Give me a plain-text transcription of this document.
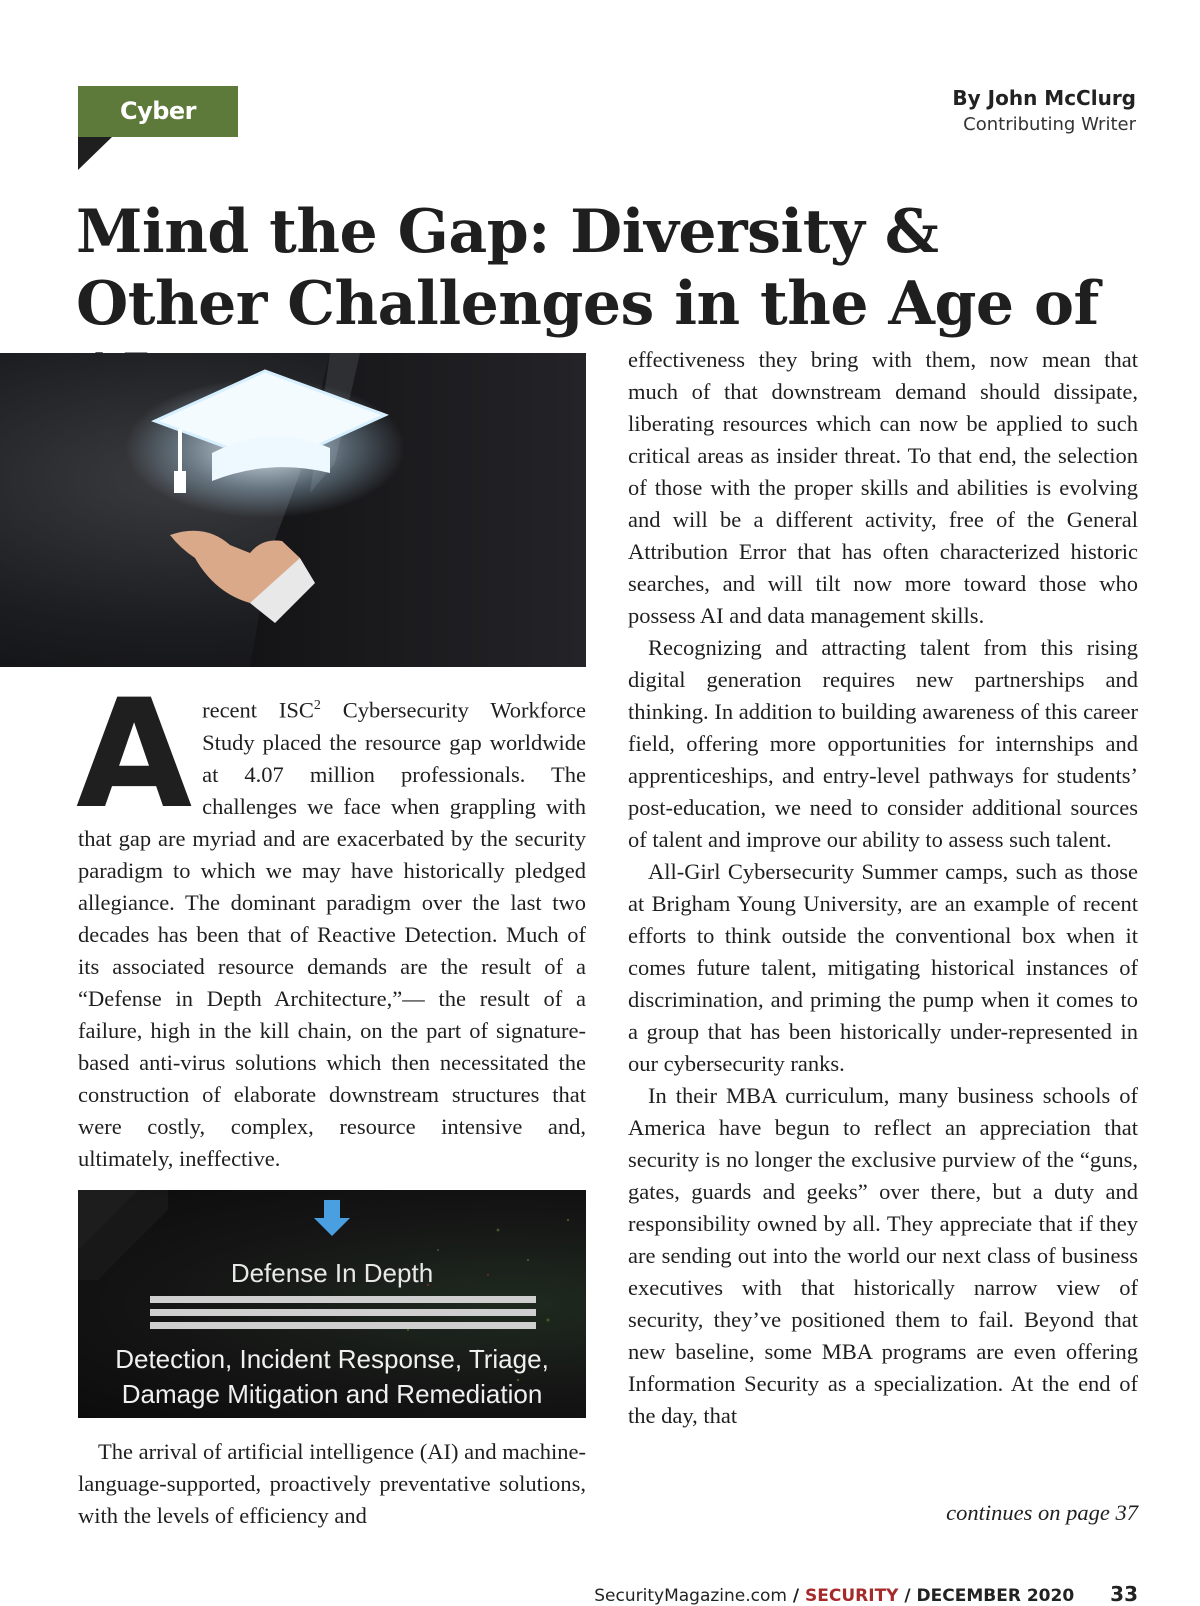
Cyber Tactics
By John McClurg
Contributing Writer
Mind the Gap: Diversity & Other Challenges in the Age of

Arecent ISC$^2$ Cybersecurity Workforce Study placed the resource gap worldwide at 4.07 million professionals. The challenges we face when grappling with that gap are myriad and are exacerbated by the security paradigm to which we may have historically pledged allegiance. The dominant paradigm over the last two decades has been that of Reactive Detection. Much of its associated resource demands are the result of a “Defense in Depth Architecture,”— the result of a failure, high in the kill chain, on the part of signature-based anti-virus solutions which then necessitated the construction of elaborate downstream structures that were costly, complex, resource intensive and, ultimately, ineffective.

Defense In Depth
Detection, Incident Response, Triage,
Damage Mitigation and Remediation

The arrival of artificial intelligence (AI) and machine-language-supported, proactively preventative solutions, with the levels of efficiency and

effectiveness they bring with them, now mean that much of that downstream demand should dissipate, liberating resources which can now be applied to such critical areas as insider threat. To that end, the selection of those with the proper skills and abilities is evolving and will be a different activity, free of the General Attribution Error that has often characterized historic searches, and will tilt now more toward those who possess AI and data management skills.

Recognizing and attracting talent from this rising digital generation requires new partnerships and thinking. In addition to building awareness of this career field, offering more opportunities for internships and apprenticeships, and entry-level pathways for students’ post-education, we need to consider additional sources of talent and improve our ability to assess such talent.

All-Girl Cybersecurity Summer camps, such as those at Brigham Young University, are an example of recent efforts to think outside the conventional box when it comes future talent, mitigating historical instances of discrimination, and priming the pump when it comes to a group that has been historically under-represented in our cybersecurity ranks.

In their MBA curriculum, many business schools of America have begun to reflect an appreciation that security is no longer the exclusive purview of the “guns, gates, guards and geeks” over there, but a duty and responsibility owned by all. They appreciate that if they are sending out into the world our next class of business executives with that historically narrow view of security, they’ve positioned them to fail. Beyond that new baseline, some MBA programs are even offering Information Security as a specialization. At the end of the day, that

continues on page 37
SecurityMagazine.com / SECURITY / DECEMBER 2020 33
